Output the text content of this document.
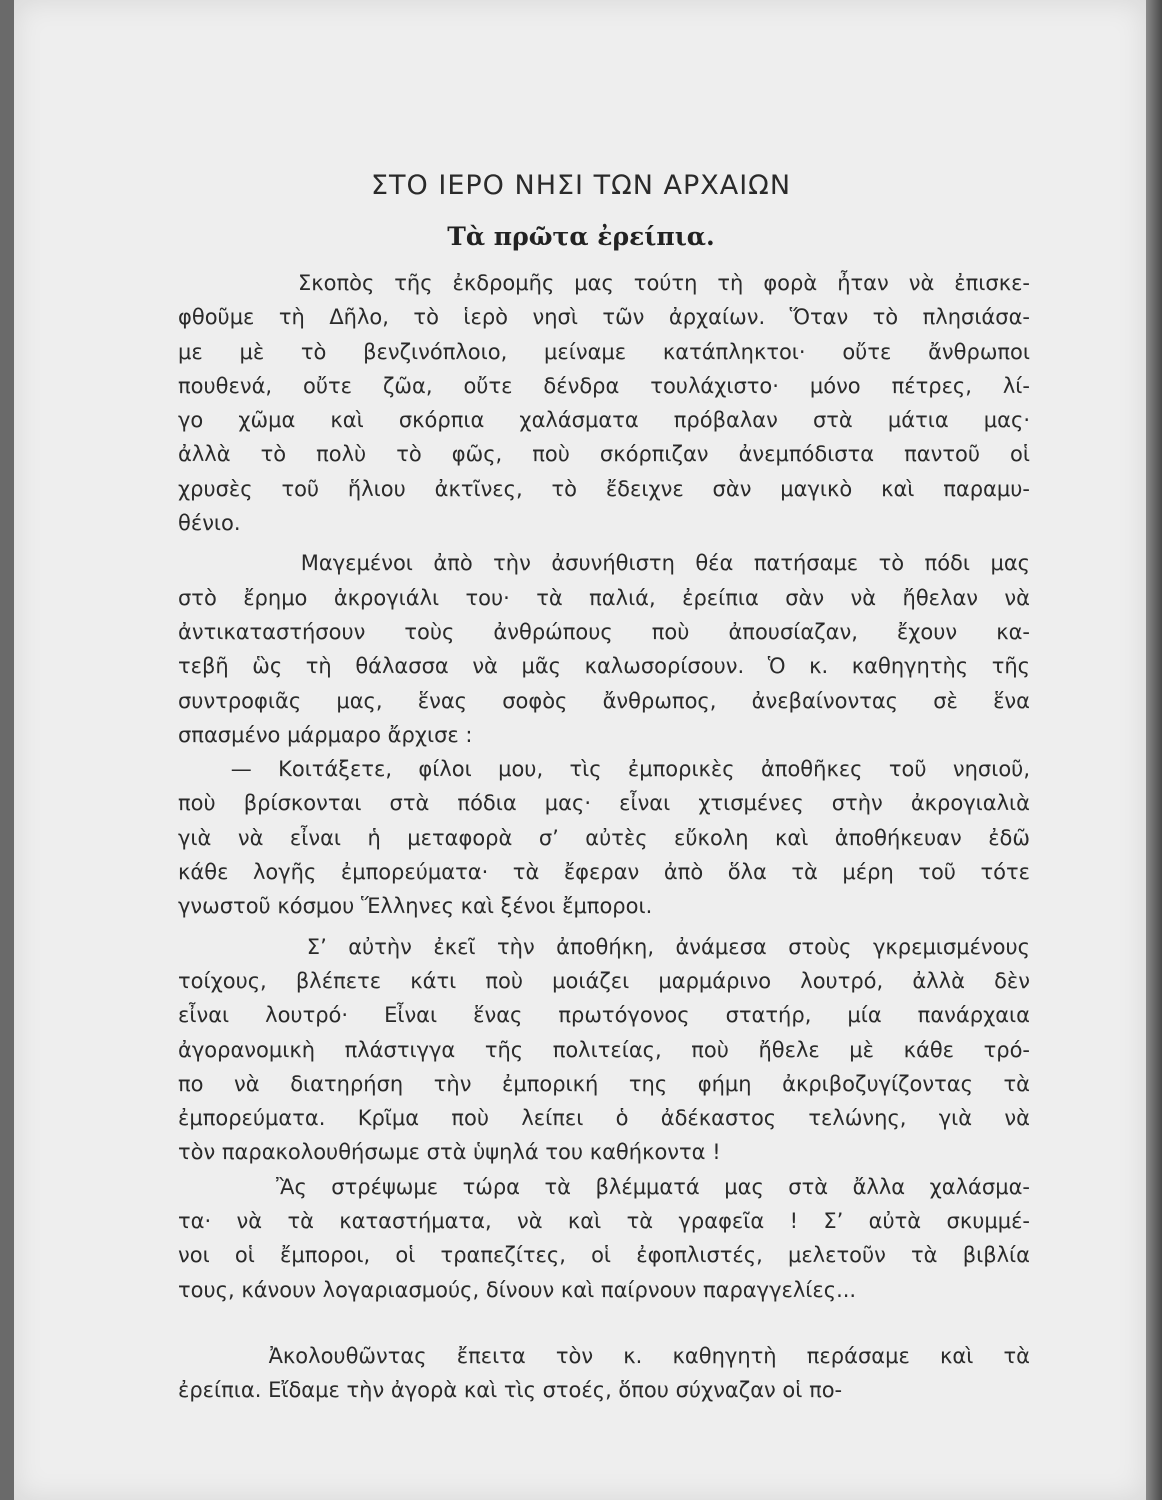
ΣΤΟ ΙΕΡΟ ΝΗΣΙ ΤΩΝ ΑΡΧΑΙΩΝ
Τὰ πρῶτα ἐρείπια.
Σκοπὸς τῆς ἐκδρομῆς μας τούτη τὴ φορὰ ἦταν νὰ ἐπισκε-
φθοῦμε τὴ Δῆλο, τὸ ἱερὸ νησὶ τῶν ἀρχαίων. Ὅταν τὸ πλησιάσα-
με μὲ τὸ βενζινόπλοιο, μείναμε κατάπληκτοι· οὔτε ἄνθρωποι
πουθενά, οὔτε ζῶα, οὔτε δένδρα τουλάχιστο· μόνο πέτρες, λί-
γο χῶμα καὶ σκόρπια χαλάσματα πρόβαλαν στὰ μάτια μας·
ἀλλὰ τὸ πολὺ τὸ φῶς, ποὺ σκόρπιζαν ἀνεμπόδιστα παντοῦ οἱ
χρυσὲς τοῦ ἥλιου ἀκτῖνες, τὸ ἔδειχνε σὰν μαγικὸ καὶ παραμυ-
θένιο.
Μαγεμένοι ἀπὸ τὴν ἀσυνήθιστη θέα πατήσαμε τὸ πόδι μας
στὸ ἔρημο ἀκρογιάλι του· τὰ παλιά, ἐρείπια σὰν νὰ ἤθελαν νὰ
ἀντικαταστήσουν τοὺς ἀνθρώπους ποὺ ἀπουσίαζαν, ἔχουν κα-
τεβῆ ὣς τὴ θάλασσα νὰ μᾶς καλωσορίσουν. Ὁ κ. καθηγητὴς τῆς
συντροφιᾶς μας, ἕνας σοφὸς ἄνθρωπος, ἀνεβαίνοντας σὲ ἕνα
σπασμένο μάρμαρο ἄρχισε :
— Κοιτάξετε, φίλοι μου, τὶς ἐμπορικὲς ἀποθῆκες τοῦ νησιοῦ,
ποὺ βρίσκονται στὰ πόδια μας· εἶναι χτισμένες στὴν ἀκρογιαλιὰ
γιὰ νὰ εἶναι ἡ μεταφορὰ σ’ αὐτὲς εὔκολη καὶ ἀποθήκευαν ἐδῶ
κάθε λογῆς ἐμπορεύματα· τὰ ἔφεραν ἀπὸ ὅλα τὰ μέρη τοῦ τότε
γνωστοῦ κόσμου Ἕλληνες καὶ ξένοι ἔμποροι.
Σ’ αὐτὴν ἐκεῖ τὴν ἀποθήκη, ἀνάμεσα στοὺς γκρεμισμένους
τοίχους, βλέπετε κάτι ποὺ μοιάζει μαρμάρινο λουτρό, ἀλλὰ δὲν
εἶναι λουτρό· Εἶναι ἕνας πρωτόγονος στατήρ, μία πανάρχαια
ἀγορανομικὴ πλάστιγγα τῆς πολιτείας, ποὺ ἤθελε μὲ κάθε τρό-
πο νὰ διατηρήση τὴν ἐμπορική της φήμη ἀκριβοζυγίζοντας τὰ
ἐμπορεύματα. Κρῖμα ποὺ λείπει ὁ ἀδέκαστος τελώνης, γιὰ νὰ
τὸν παρακολουθήσωμε στὰ ὑψηλά του καθήκοντα !
Ἂς στρέψωμε τώρα τὰ βλέμματά μας στὰ ἄλλα χαλάσμα-
τα· νὰ τὰ καταστήματα, νὰ καὶ τὰ γραφεῖα ! Σ’ αὐτὰ σκυμμέ-
νοι οἱ ἔμποροι, οἱ τραπεζίτες, οἱ ἐφοπλιστές, μελετοῦν τὰ βιβλία
τους, κάνουν λογαριασμούς, δίνουν καὶ παίρνουν παραγγελίες...
Ἀκολουθῶντας ἔπειτα τὸν κ. καθηγητὴ περάσαμε καὶ τὰ
ἐρείπια. Εἴδαμε τὴν ἀγορὰ καὶ τὶς στοές, ὅπου σύχναζαν οἱ πο-
